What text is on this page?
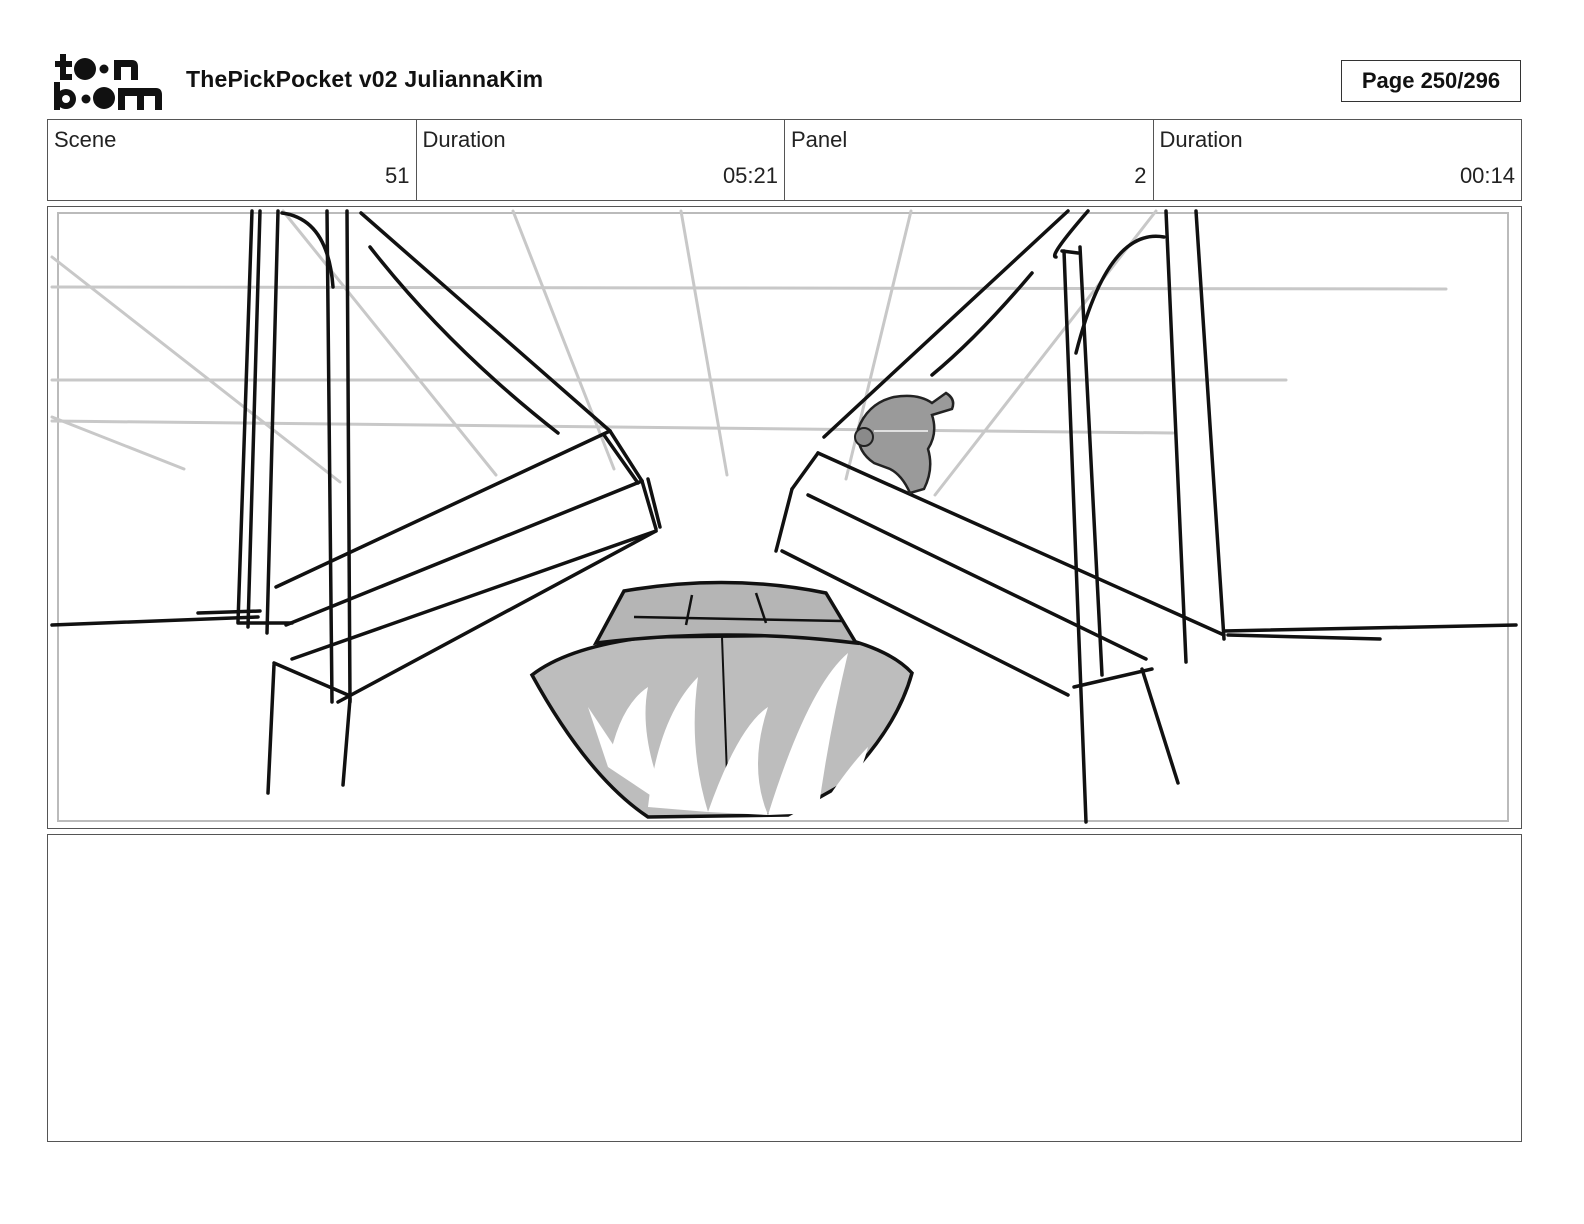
ThePickPocket v02 JuliannaKim	Page 250/296
Scene
51
Duration
05:21
Panel
2
Duration
00:14
